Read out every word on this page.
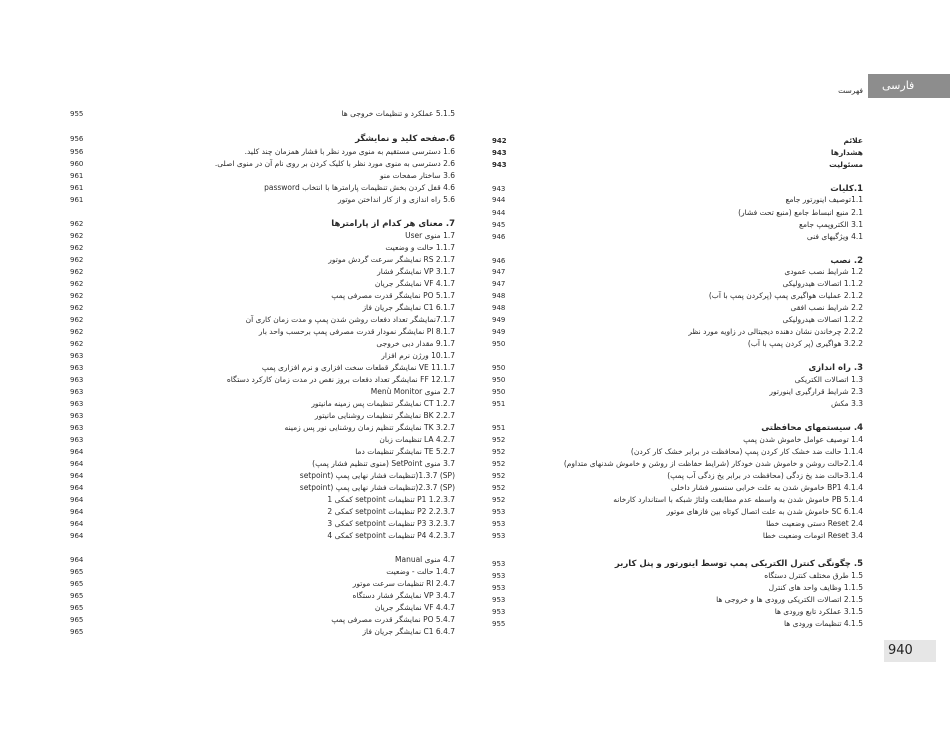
فارسی
فهرست
علائم
942
هشدارها
943
مسئولیت
943
1.کلیات
943
1.1توصیف اینورتور جامع
944
2.1 منبع انبساط جامع (منبع تحت فشار)
944
3.1 الکتروپمپ جامع
945
4.1 ویژگیهای فنی
946
2. نصب
946
1.2 شرایط نصب عمودی
947
1.1.2 اتصالات هیدرولیکی
947
2.1.2 عملیات هواگیری پمپ (پرکردن پمپ با آب)
948
2.2 شرایط نصب افقی
948
1.2.2 اتصالات هیدرولیکی
949
2.2.2 چرخاندن نشان دهنده دیجیتالی در زاویه مورد نظر
949
3.2.2 هواگیری (پر کردن پمپ با آب)
950
3. راه اندازی
950
1.3 اتصالات الکتریکی
950
2.3 شرایط قرارگیری اینورتور
950
3.3 مکش
951
4. سیستمهای محافظتی
951
1.4 توصیف عوامل خاموش شدن پمپ
952
1.1.4 حالت ضد خشک کار کردن پمپ (محافظت در برابر خشک کار کردن)
952
2.1.4حالت روشن و خاموش شدن خودکار (شرایط حفاظت از روشن و خاموش شدنهای متداوم)
952
3.1.4حالت ضد یخ زدگی (محافظت در برابر یخ زدگی آب پمپ)
952
BP1 4.1.4 خاموش شدن به علت خرابی سنسور فشار داخلی
952
PB 5.1.4 خاموش شدن به واسطه عدم مطابقت ولتاژ شبکه با استاندارد کارخانه
952
SC 6.1.4 خاموش شدن به علت اتصال کوتاه بین فازهای موتور
953
Reset 2.4 دستی وضعیت خطا
953
Reset 3.4 اتومات وضعیت خطا
953
5. چگونگی کنترل الکتریکی پمپ توسط اینورتور و پنل کاربر
953
1.5 طرق مختلف کنترل دستگاه
953
1.1.5 وظایف واحد های کنترل
953
2.1.5 اتصالات الکتریکی ورودی ها و خروجی ها
953
3.1.5 عملکرد تابع ورودی ها
953
4.1.5 تنظیمات ورودی ها
955
5.1.5 عملکرد و تنظیمات خروجی ها
955
6.صفحه کلید و نمایشگر
956
1.6 دسترسی مستقیم به منوی مورد نظر با فشار همزمان چند کلید.
956
2.6 دسترسی به منوی مورد نظر با کلیک کردن بر روی نام آن در منوی اصلی.
960
3.6 ساختار صفحات منو
961
4.6 قفل کردن بخش تنظیمات پارامترها با انتخاب password
961
5.6 راه اندازی و از کار انداختن موتور
961
7. معنای هر کدام از پارامترها
962
1.7 منوی User
962
1.1.7 حالت و وضعیت
962
RS 2.1.7 نمایشگر سرعت گردش موتور
962
VP 3.1.7 نمایشگر فشار
962
VF 4.1.7 نمایشگر جریان
962
PO 5.1.7 نمایشگر قدرت مصرفی پمپ
962
C1 6.1.7 نمایشگر جریان فاز
962
7.1.7نمایشگر تعداد دفعات روشن شدن پمپ و مدت زمان کاری آن
962
PI 8.1.7 نمایشگر نمودار قدرت مصرفی پمپ برحسب واحد بار
962
9.1.7 مقدار دبی خروجی
962
10.1.7 ورژن نرم افزار
963
VE 11.1.7 نمایشگر قطعات سخت افزاری و نرم افزاری پمپ
963
FF 12.1.7 نمایشگر تعداد دفعات بروز نقص در مدت زمان کارکرد دستگاه
963
2.7 منوی Menù Monitor
963
CT 1.2.7 نمایشگر تنظیمات پس زمینه مانیتور
963
BK 2.2.7 نمایشگر تنظیمات روشنایی مانیتور
963
TK 3.2.7 نمایشگر تنظیم زمان روشنایی نور پس زمینه
963
LA 4.2.7 تنظیمات زبان
963
TE 5.2.7 نمایشگر تنظیمات دما
964
3.7 منوی SetPoint (منوی تنظیم فشار پمپ)
964
(SP) 1.3.7(تنظیمات فشار نهایی پمپ (setpoint
964
(SP) 2.3.7(تنظیمات فشار نهایی پمپ (setpoint
964
P1 1.2.3.7 تنظیمات setpoint کمکی 1
964
P2 2.2.3.7 تنظیمات setpoint کمکی 2
964
P3 3.2.3.7 تنظیمات setpoint کمکی 3
964
P4 4.2.3.7 تنظیمات setpoint کمکی 4
964
4.7 منوی Manual
964
1.4.7 حالت - وضعیت
965
RI 2.4.7 تنظیمات سرعت موتور
965
VP 3.4.7 نمایشگر فشار دستگاه
965
VF 4.4.7 نمایشگر جریان
965
PO 5.4.7 نمایشگر قدرت مصرفی پمپ
965
C1 6.4.7 نمایشگر جریان فاز
965
940
